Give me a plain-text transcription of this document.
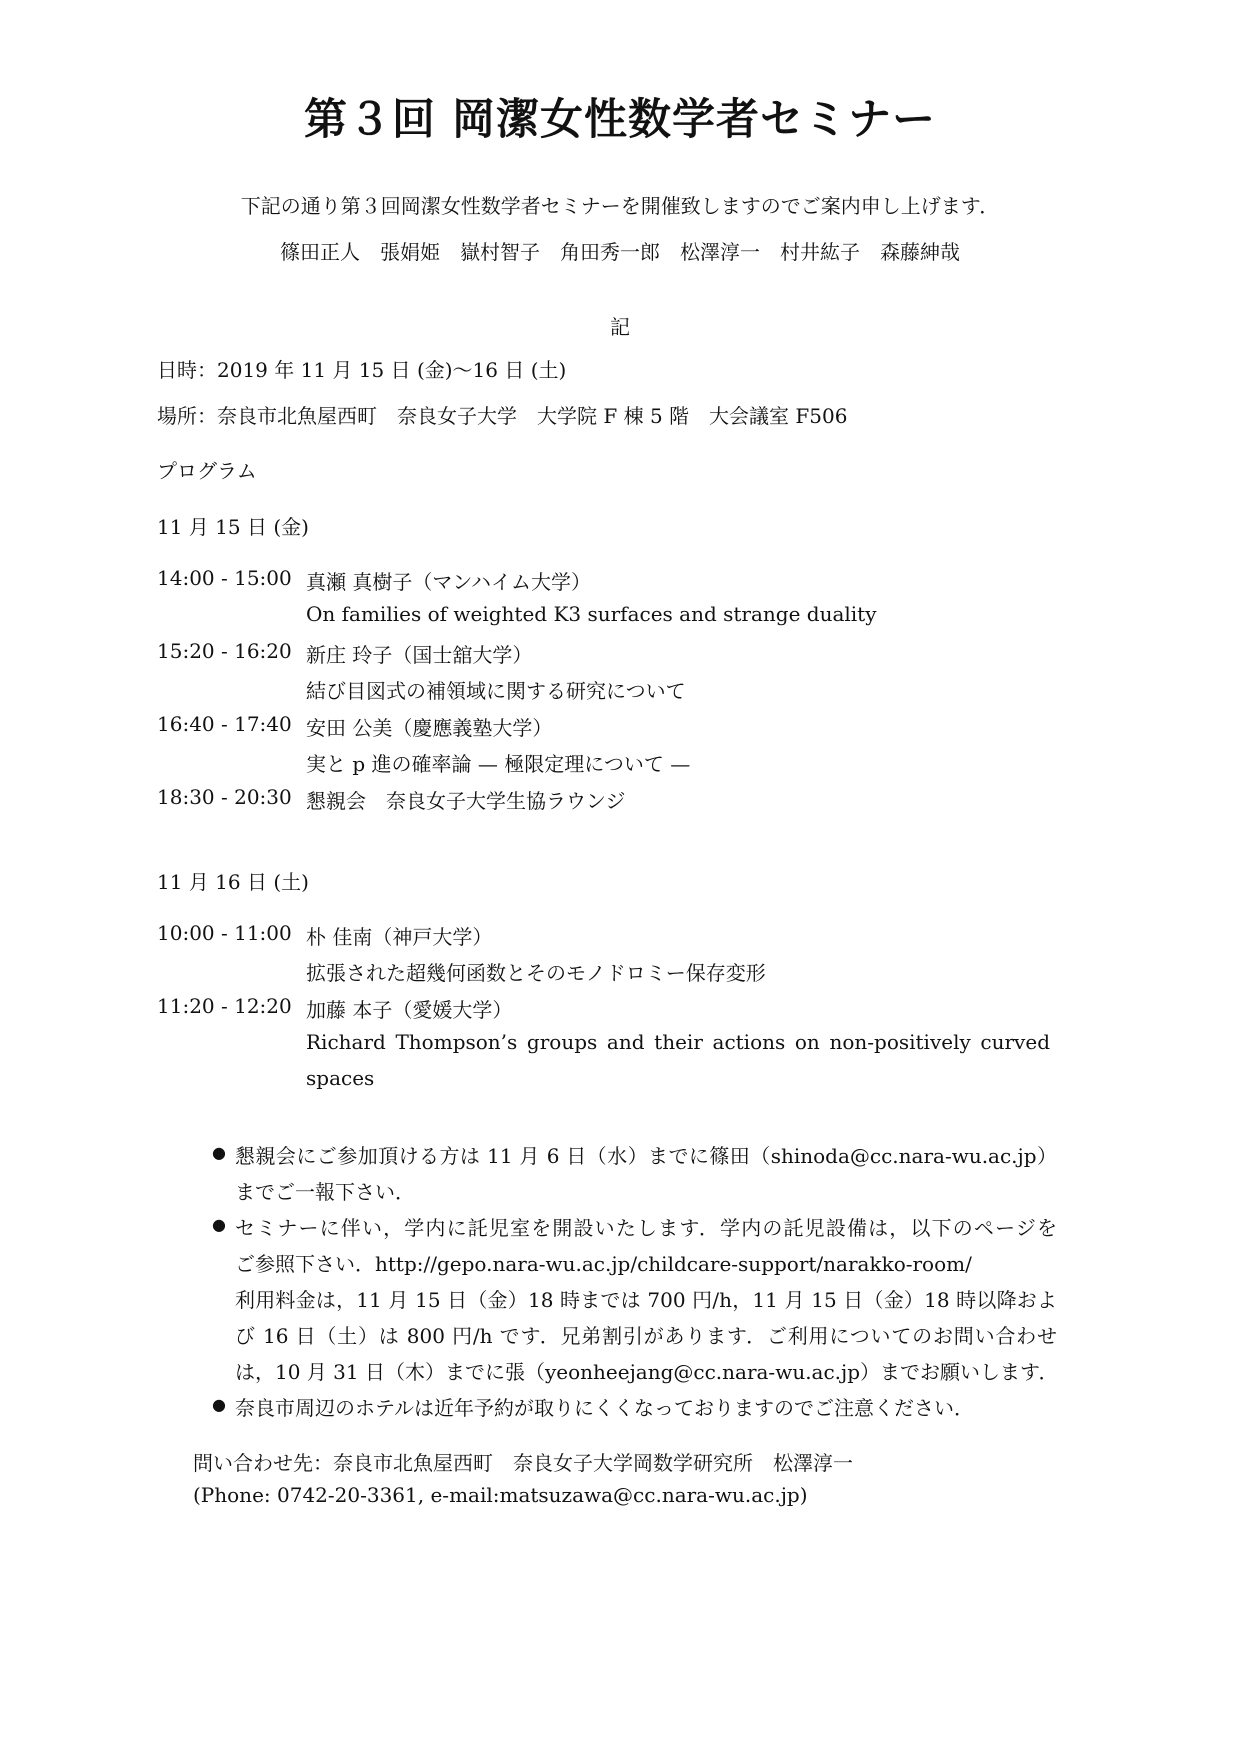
第３回 岡潔女性数学者セミナー
下記の通り第３回岡潔女性数学者セミナーを開催致しますのでご案内申し上げます．
篠田正人　張娟姫　嶽村智子　角田秀一郎　松澤淳一　村井紘子　森藤紳哉
記
日時：2019 年 11 月 15 日 (金)〜16 日 (土)
場所：奈良市北魚屋西町　奈良女子大学　大学院 F 棟 5 階　大会議室 F506
プログラム
11 月 15 日 (金)
14:00 - 15:00 真瀬 真樹子（マンハイム大学）
On families of weighted K3 surfaces and strange duality
15:20 - 16:20 新庄 玲子（国士舘大学）
結び目図式の補領域に関する研究について
16:40 - 17:40 安田 公美（慶應義塾大学）
実と p 進の確率論 — 極限定理について —
18:30 - 20:30 懇親会　奈良女子大学生協ラウンジ
11 月 16 日 (土)
10:00 - 11:00 朴 佳南（神戸大学）
拡張された超幾何函数とそのモノドロミー保存変形
11:20 - 12:20 加藤 本子（愛媛大学）
Richard Thompson’s groups and their actions on non-positively curved
spaces
● 懇親会にご参加頂ける方は 11 月 6 日（水）までに篠田（shinoda@cc.nara-wu.ac.jp）
までご一報下さい．
● セミナーに伴い，学内に託児室を開設いたします．学内の託児設備は，以下のページを
ご参照下さい．http://gepo.nara-wu.ac.jp/childcare-support/narakko-room/
利用料金は，11 月 15 日（金）18 時までは 700 円/h，11 月 15 日（金）18 時以降およ
び 16 日（土）は 800 円/h です．兄弟割引があります．ご利用についてのお問い合わせ
は，10 月 31 日（木）までに張（yeonheejang@cc.nara-wu.ac.jp）までお願いします．
● 奈良市周辺のホテルは近年予約が取りにくくなっておりますのでご注意ください．
問い合わせ先：奈良市北魚屋西町　奈良女子大学岡数学研究所　松澤淳一
(Phone: 0742-20-3361, e-mail:matsuzawa@cc.nara-wu.ac.jp)
